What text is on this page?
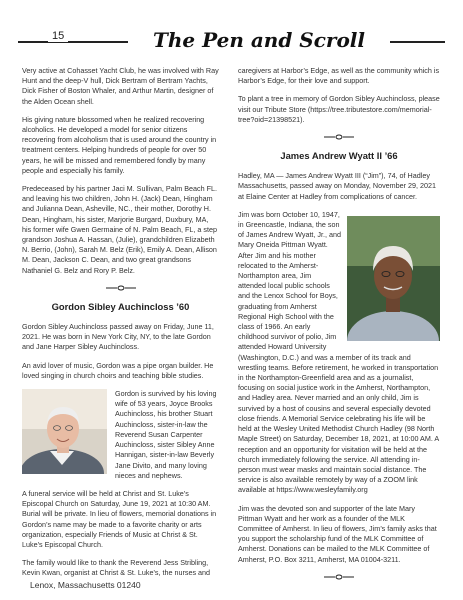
15	The Pen and Scroll

Very active at Cohasset Yacht Club, he was involved with Ray Hunt and the deep-V hull, Dick Bertram of Bertram Yachts, Dick Fisher of Boston Whaler, and Arthur Martin, designer of the Alden Ocean shell.

His giving nature blossomed when he realized recovering alcoholics. He developed a model for senior citizens recovering from alcoholism that is used around the country in treatment centers. Helping hundreds of people for over 50 years, he will be missed and remembered fondly by many people and especially his family.

Predeceased by his partner Jaci M. Sullivan, Palm Beach FL. and leaving his two children, John H. (Jack) Dean, Hingham and Julianna Dean, Asheville, NC., their mother, Dorothy H. Dean, Hingham, his sister, Marjorie Burgard, Duxbury, MA, his former wife Gwen Germaine of N. Palm Beach, FL, a step grandson Joshua A. Hassan, (Julie), grandchildren Elizabeth N. Berrio, (John), Sarah M. Belz (Erik), Emily A. Dean, Allison M. Dean, Jackson C. Dean, and two great grandsons Nathaniel G. Belz and Rory P. Belz.

Gordon Sibley Auchincloss ’60

Gordon Sibley Auchincloss passed away on Friday, June 11, 2021. He was born in New York City, NY, to the late Gordon and Jane Harper Sibley Auchincloss.

An avid lover of music, Gordon was a pipe organ builder. He loved singing in church choirs and teaching bible studies.

Gordon is survived by his loving wife of 53 years, Joyce Brooks Auchincloss, his brother Stuart Auchincloss, sister-in-law the Reverend Susan Carpenter Auchincloss, sister Sibley Anne Hannigan, sister-in-law Beverly Jane Divito, and many loving nieces and nephews.

A funeral service will be held at Christ and St. Luke’s Episcopal Church on Saturday, June 19, 2021 at 10:30 AM. Burial will be private. In lieu of flowers, memorial donations in Gordon’s name may be made to a favorite charity or arts organization, especially Friends of Music at Christ & St. Luke’s Episcopal Church.

The family would like to thank the Reverend Jess Stribling, Kevin Kwan, organist at Christ & St. Luke’s, the nurses and

caregivers at Harbor’s Edge, as well as the community which is Harbor’s Edge, for their love and support.

To plant a tree in memory of Gordon Sibley Auchincloss, please visit our Tribute Store (https://tree.tributestore.com/memorial-tree?oid=21398521).

James Andrew Wyatt II ’66

Hadley, MA — James Andrew Wyatt III (“Jim”), 74, of Hadley Massachusetts, passed away on Monday, November 29, 2021 at Elaine Center at Hadley from complications of cancer.

Jim was born October 10, 1947, in Greencastle, Indiana, the son of James Andrew Wyatt, Jr., and Mary Oneida Pittman Wyatt. After Jim and his mother relocated to the Amherst-Northampton area, Jim attended local public schools and the Lenox School for Boys, graduating from Amherst Regional High School with the class of 1966. An early childhood survivor of polio, Jim attended Howard University (Washington, D.C.) and was a member of its track and wrestling teams. Before retirement, he worked in transportation in the Northampton-Greenfield area and as a journalist, focusing on social justice work in the Amherst, Northampton, and Hadley area. Never married and an only child, Jim is survived by a host of cousins and several especially devoted close friends. A Memorial Service celebrating his life will be held at the Wesley United Methodist Church Hadley (98 North Maple Street) on Saturday, December 18, 2021, at 10:00 AM. A reception and an opportunity for visitation will be held at the church immediately following the service. All attending in-person must wear masks and maintain social distance. The service is also available remotely by way of a ZOOM link available at https://www.wesleyfamily.org

Jim was the devoted son and supporter of the late Mary Pittman Wyatt and her work as a founder of the MLK Committee of Amherst. In lieu of flowers, Jim’s family asks that you support the scholarship fund of the MLK Committee of Amherst. Donations can be mailed to the MLK Committee of Amherst, P.O. Box 3211, Amherst, MA 01004-3211.

Lenox, Massachusetts 01240
